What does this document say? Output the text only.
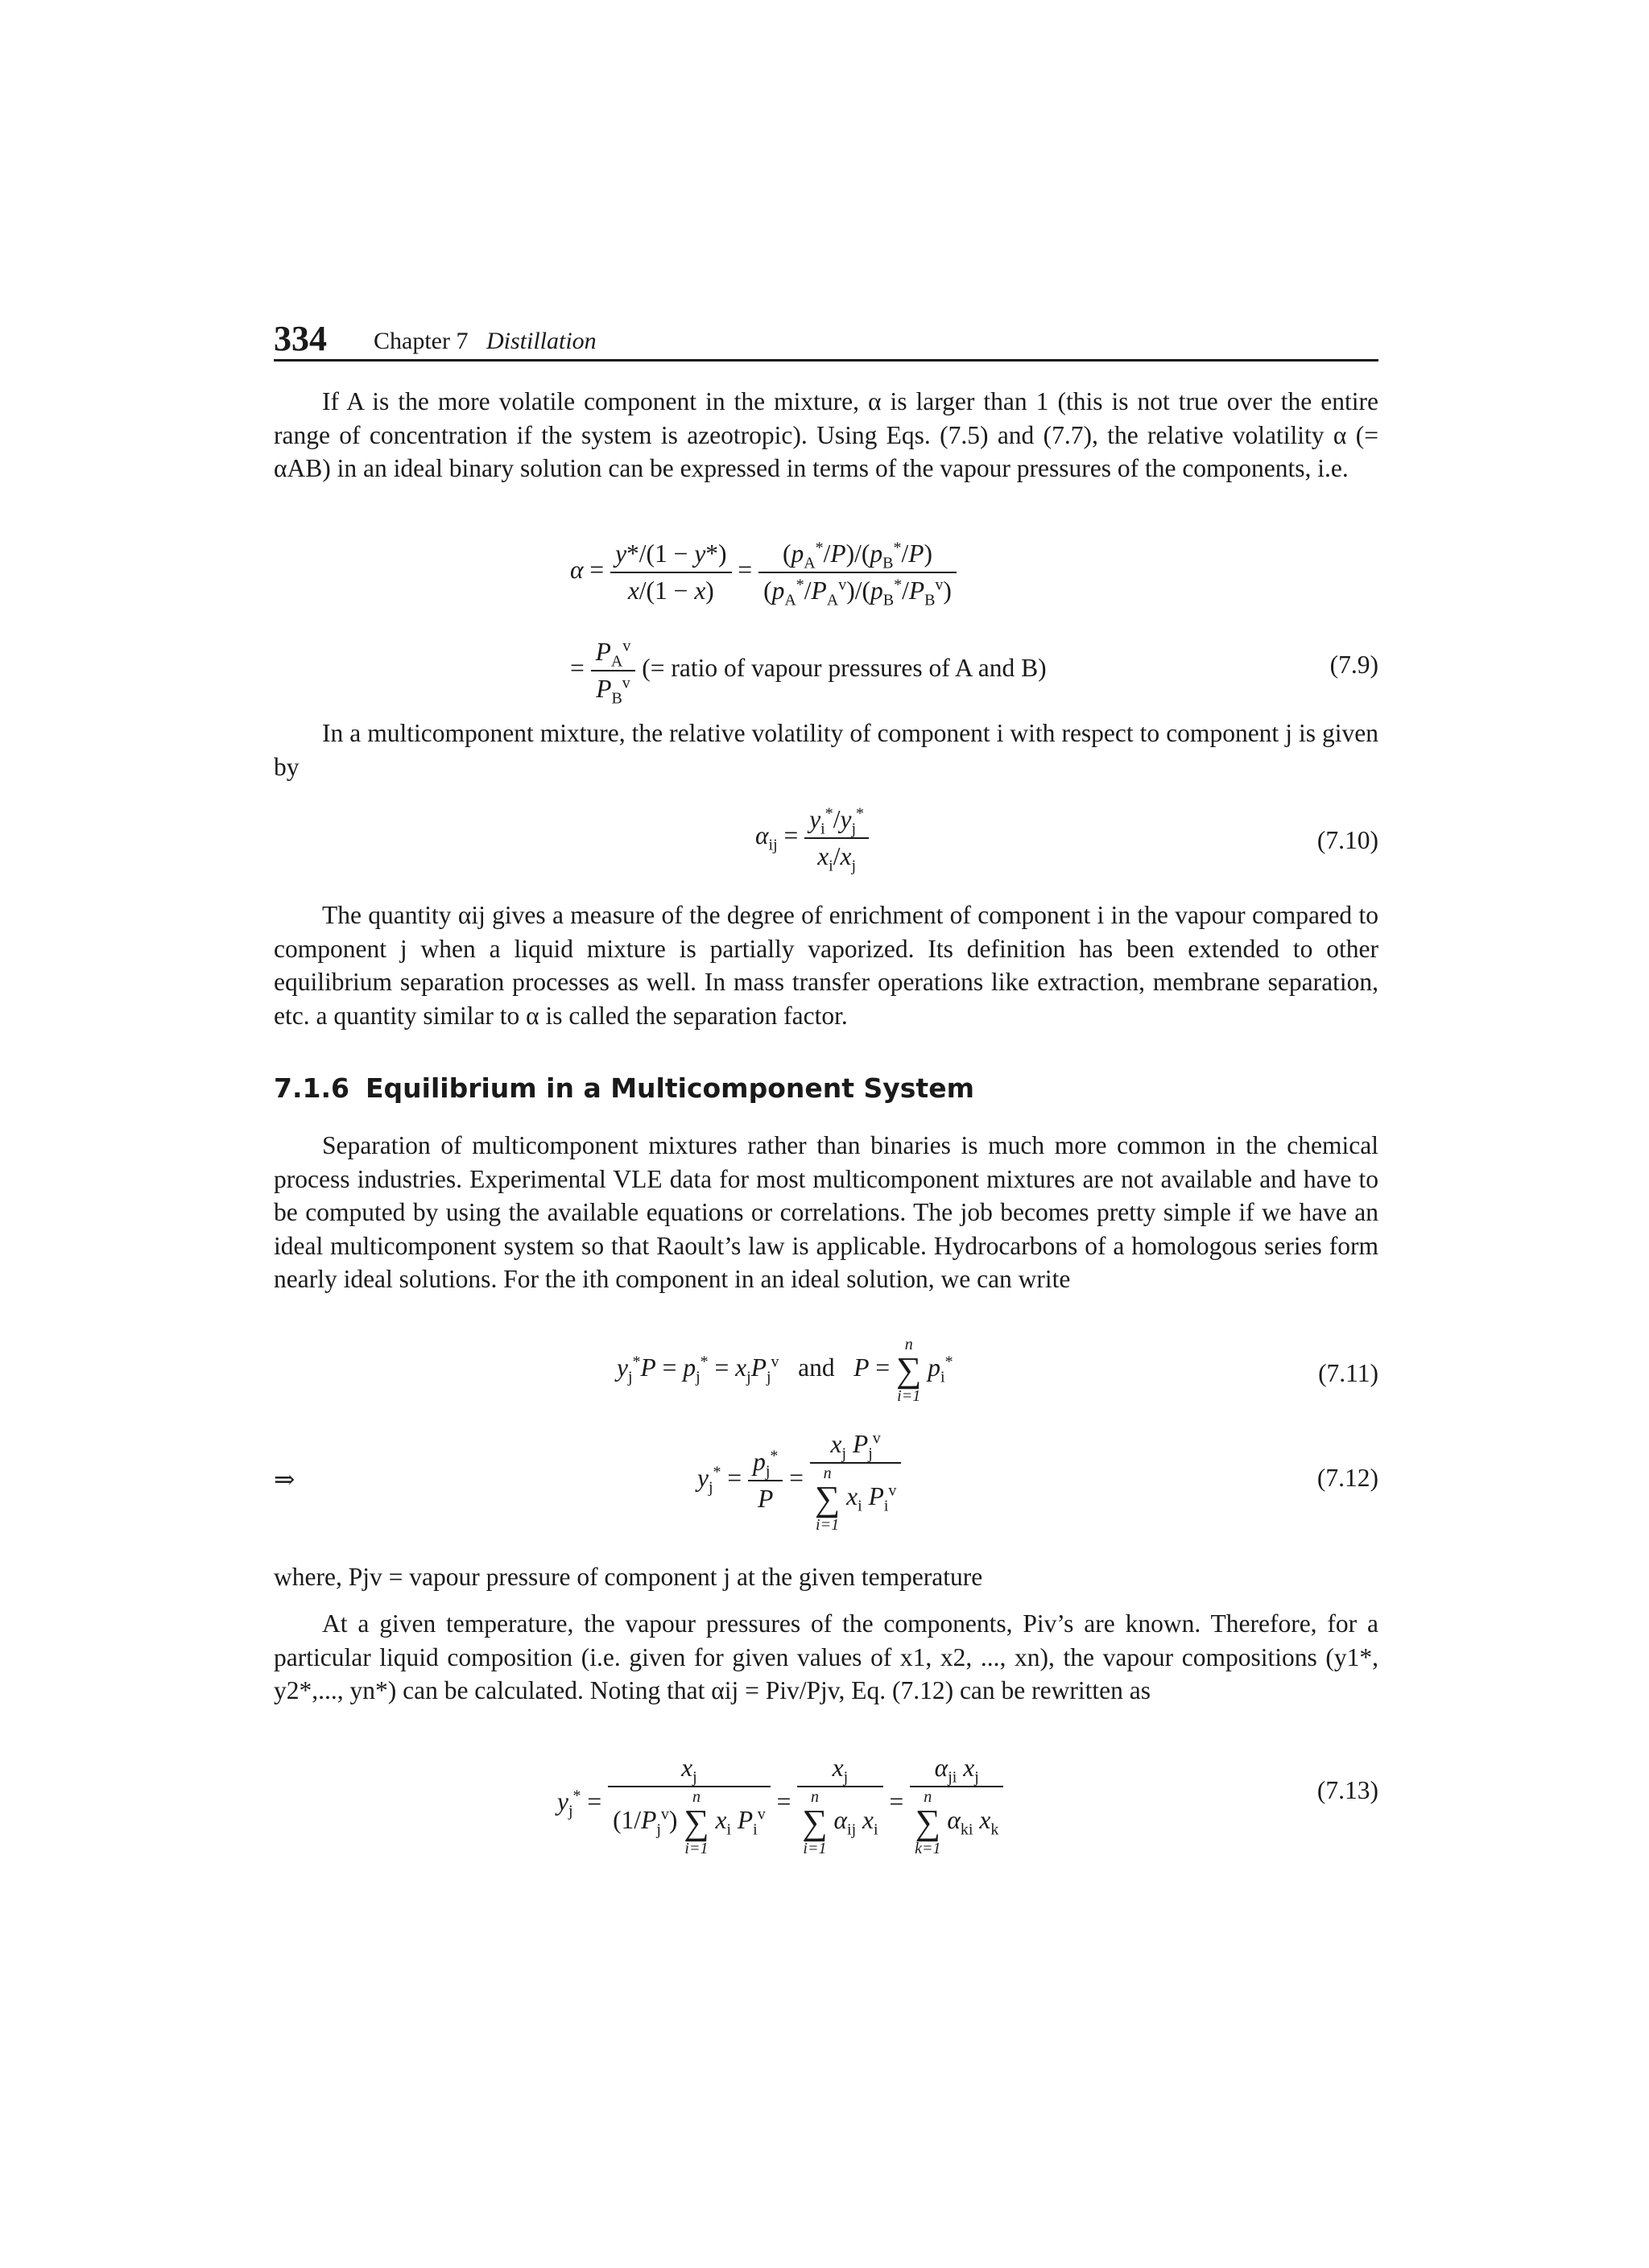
334 Chapter 7 Distillation
If A is the more volatile component in the mixture, α is larger than 1 (this is not true over the entire range of concentration if the system is azeotropic). Using Eqs. (7.5) and (7.7), the relative volatility α (= αAB) in an ideal binary solution can be expressed in terms of the vapour pressures of the components, i.e.
$\alpha = \frac{y*/(1 - y*)}{x/(1 - x)} = \frac{(p_A^*/P)/(p_B^*/P)}{(p_A^*/P_A^v)/(p_B^*/P_B^v)}$
= $\frac{P_A^v}{P_B^v}$ (= ratio of vapour pressures of A and B)	(7.9)
In a multicomponent mixture, the relative volatility of component i with respect to component j is given by
$\alpha_{ij} = \frac{y_i^*/y_j^*}{x_i/x_j}$	(7.10)
The quantity αij gives a measure of the degree of enrichment of component i in the vapour compared to component j when a liquid mixture is partially vaporized. Its definition has been extended to other equilibrium separation processes as well. In mass transfer operations like extraction, membrane separation, etc. a quantity similar to α is called the separation factor.
7.1.6 Equilibrium in a Multicomponent System
Separation of multicomponent mixtures rather than binaries is much more common in the chemical process industries. Experimental VLE data for most multicomponent mixtures are not available and have to be computed by using the available equations or correlations. The job becomes pretty simple if we have an ideal multicomponent system so that Raoult’s law is applicable. Hydrocarbons of a homologous series form nearly ideal solutions. For the ith component in an ideal solution, we can write
$y_j^*P = p_j^* = x_jP_j^v$ and P =
n
∑
i=1
$p_i^*$	(7.11)
⇒	$y_j^* = \frac{p_j^*}{P} = x_j$ $P_j^v$
n
∑
i=1
$x_i$ $P_i^v$	(7.12)
where, Pjv = vapour pressure of component j at the given temperature
At a given temperature, the vapour pressures of the components, Piv’s are known. Therefore, for a particular liquid composition (i.e. given for given values of x1, x2, ..., xn), the vapour compositions (y1*, y2*,..., yn*) can be calculated. Noting that αij = Piv/Pjv, Eq. (7.12) can be rewritten as
$y_j^* = x_j$
$(1/P_j^v)$
n
∑
i=1
$x_i$ $P_i^v = x_j$
n
∑
i=1
$\alpha_{ij}$ $x_i = \alpha_{ji}$ $x_j$
n
∑
k=1
$\alpha_{ki}$ $x_k$	(7.13)
